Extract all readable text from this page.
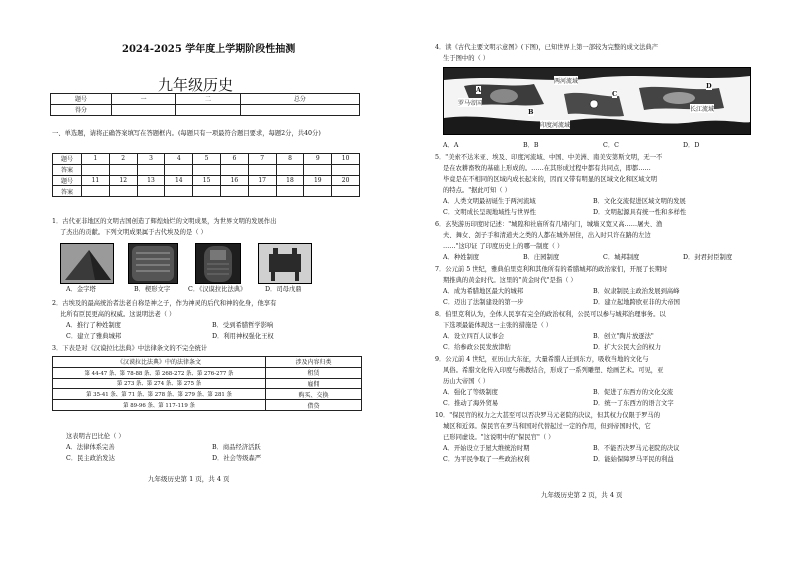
2024-2025 学年度上学期阶段性抽测
九年级历史
题号	一	二	总分
得分			
一、单选题，请将正确答案填写在答题框内。(每题只有一项最符合题目要求，每题2分，共40分)
题号	1	2	3	4	5	6	7	8	9	10
答案										
题号	11	12	13	14	15	16	17	18	19	20
答案										
1．古代亚非地区的文明古国创造了辉煌灿烂的文明成果，为世界文明的发展作出
了杰出的贡献。下列文明成果属于古代埃及的是（ ）
A．金字塔	B．楔形文字	C．《汉谟拉比法典》	D．司母戊鼎
2．古埃及的最高统治者法老自称是神之子，作为神灵的后代和神的化身，他享有
比所有臣民更高的权威。这说明法老（ ）
A．推行了种姓制度	B．受到希腊哲学影响
C．建立了雅典城邦	D．利用神权强化王权
3．下表是对《汉谟拉比法典》中法律条文的不完全统计
《汉谟拉比法典》中的法律条文	涉及内容归类
第 44-47 条、第 78-88 条、第 268-272 条、第 276-277 条	租赁
第 273 条、第 274 条、第 275 条	雇佣
第 35-41 条、第 71 条、第 278 条、第 279 条、第 281 条	购买、交换
第 89-96 条、第 117-119 条	借贷
这表明古巴比伦（ ）
A．法律体系完善	B．商品经济活跃
C．民主政治发达	D．社会等级森严
九年级历史第 1 页，共 4 页
4．读《古代主要文明示意图》(下图)，已知世界上第一部较为完整的成文法典产
生于图中的（ ）
两河流域
罗马帝国
印度河流域
长江流域
A
B
C
D
A．A	B．B	C．C	D．D
5．"美索不达米亚、埃及、印度河流域、中国、中美洲、南美安第斯文明，无一不
是在农耕畜牧的基础上形成的。……在其形成过程中都有共同点，即都……
毕竟是在不相同的区域内成长起来的，因而又带有明显的区域文化和区域文明
的特点。"据此可知（ ）
A．人类文明最初诞生于两河流域	B．文化交流促进区域文明的发展
C．文明成长呈现地域性与世界性	D．文明起源具有统一性和多样性
6．玄奘游历印度时记述："城隍和社庙所有几堵内门，城墙又宽又高……屠夫、渔
夫、舞女、刽子手和清道夫之类的人都在城外居住，出入时只许在路的左边
……"这印证 了印度历史上的哪一制度（ ）
A．种姓制度	B．庄园制度	C．城邦制度	D．封君封臣制度
7．公元前 5 世纪，雅典伯里克利和其他所有的希腊城邦的政治家们，开展了长期时
期推典的黄金时代。这里的"黄金时代"是指（ ）
A．成为希腊地区最大的城邦	B．奴隶制民主政治发展到高峰
C．迈出了法制建设的第一步	D．建立起地跨欧亚非的大帝国
8．伯里克利认为，全体人民享有完全的政治权利，公民可以参与城邦治理事务。以
下选项最能体现这一主张的措施是（ ）
A．设立四百人议事会	B．创立"陶片放逐法"
C．给参政公民发放津贴	D．扩大公民大会的权力
9．公元前 4 世纪，亚历山大东征，大量希腊人迁到东方，吸收当地的文化与
风俗。希腊文化传入印度与佛教结合，形成了一系列雕塑、绘画艺术。可见，亚
历山大帝国（ ）
A．强化了等级制度	B．促进了东西方的文化交流
C．推动了海外贸易	D．统一了东西方的语言文字
10．"保民官的权力之大甚至可以否决罗马元老院的决议，但其权力仅限于罗马的
城区和近郊。保民官在罗马和国对代替起过一定的作用，但到帝国时代，它
已形同虚设。"这说明中的"保民官"（ ）
A．开始设立于屋大维统治时期	B．不能否决罗马元老院的决议
C．为平民争取了一些政治权利	D．能始保障罗马平民的利益
九年级历史第 2 页，共 4 页
